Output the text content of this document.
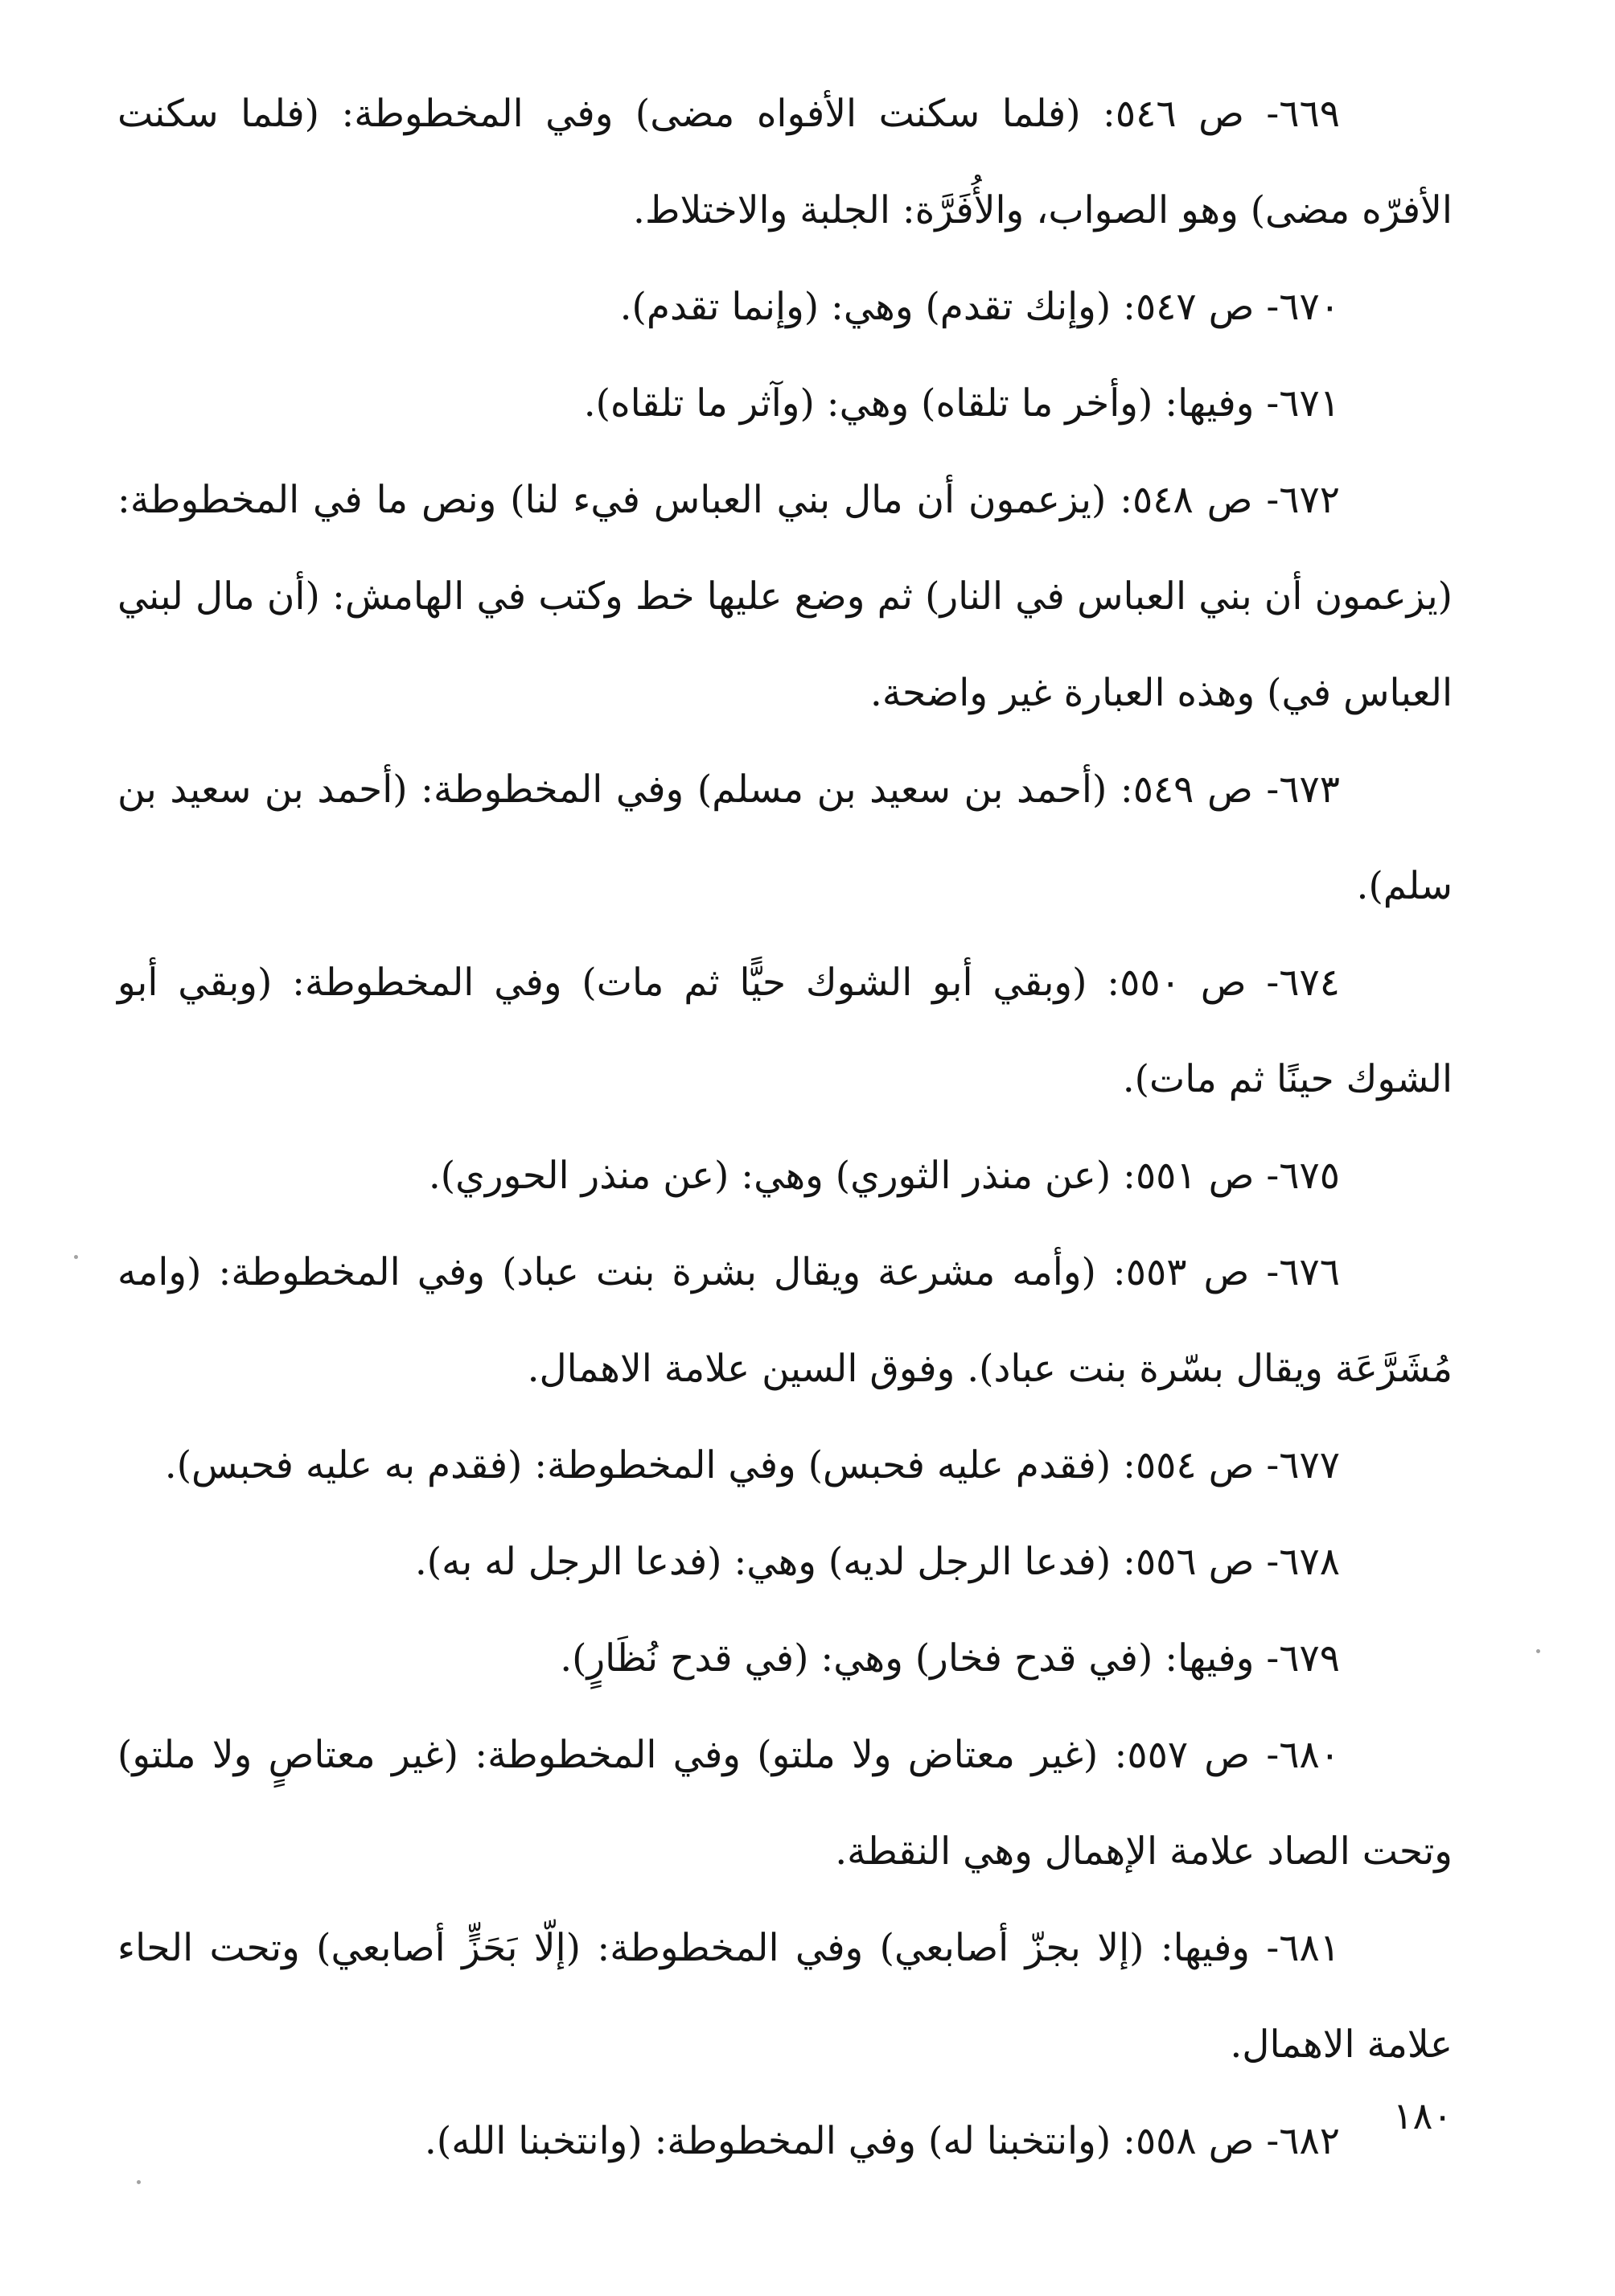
٦٦٩- ص ٥٤٦: (فلما سكنت الأفواه مضى) وفي المخطوطة: (فلما سكنت الأفرّه مضى) وهو الصواب، والأُفَرَّة: الجلبة والاختلاط.

٦٧٠- ص ٥٤٧: (وإنك تقدم) وهي: (وإنما تقدم).

٦٧١- وفيها: (وأخر ما تلقاه) وهي: (وآثر ما تلقاه).

٦٧٢- ص ٥٤٨: (يزعمون أن مال بني العباس فيء لنا) ونص ما في المخطوطة: (يزعمون أن بني العباس في النار) ثم وضع عليها خط وكتب في الهامش: (أن مال لبني العباس في) وهذه العبارة غير واضحة.

٦٧٣- ص ٥٤٩: (أحمد بن سعيد بن مسلم) وفي المخطوطة: (أحمد بن سعيد بن سلم).

٦٧٤- ص ٥٥٠: (وبقي أبو الشوك حيًّا ثم مات) وفي المخطوطة: (وبقي أبو الشوك حينًا ثم مات).

٦٧٥- ص ٥٥١: (عن منذر الثوري) وهي: (عن منذر الحوري).

٦٧٦- ص ٥٥٣: (وأمه مشرعة ويقال بشرة بنت عباد) وفي المخطوطة: (وامه مُشَرَّعَة ويقال بسّرة بنت عباد). وفوق السين علامة الاهمال.

٦٧٧- ص ٥٥٤: (فقدم عليه فحبس) وفي المخطوطة: (فقدم به عليه فحبس).

٦٧٨- ص ٥٥٦: (فدعا الرجل لديه) وهي: (فدعا الرجل له به).

٦٧٩- وفيها: (في قدح فخار) وهي: (في قدح نُظَارٍ).

٦٨٠- ص ٥٥٧: (غير معتاض ولا ملتو) وفي المخطوطة: (غير معتاصٍ ولا ملتو) وتحت الصاد علامة الإهمال وهي النقطة.

٦٨١- وفيها: (إلا بجزّ أصابعي) وفي المخطوطة: (إلّا بَحَزٍّ أصابعي) وتحت الحاء علامة الاهمال.

٦٨٢- ص ٥٥٨: (وانتخبنا له) وفي المخطوطة: (وانتخبنا الله).

١٨٠
